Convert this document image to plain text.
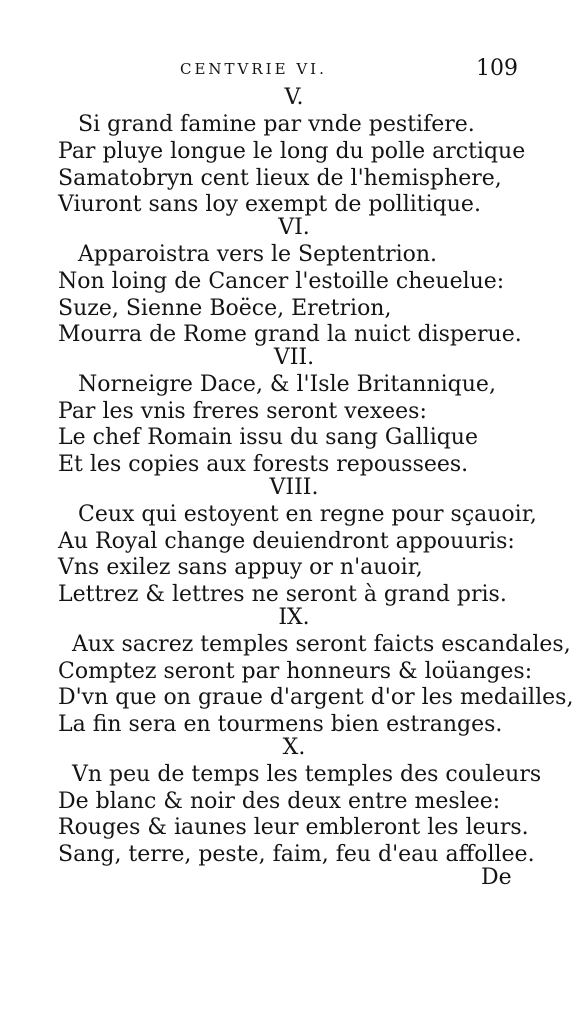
CENTVRIE VI.	109
V.
Si grand famine par vnde pestifere.
Par pluye longue le long du polle arctique
Samatobryn cent lieux de l'hemisphere,
Viuront sans loy exempt de pollitique.
VI.
Apparoistra vers le Septentrion.
Non loing de Cancer l'estoille cheuelue:
Suze, Sienne Boëce, Eretrion,
Mourra de Rome grand la nuict disperue.
VII.
Norneigre Dace, & l'Isle Britannique,
Par les vnis freres seront vexees:
Le chef Romain issu du sang Gallique
Et les copies aux forests repoussees.
VIII.
Ceux qui estoyent en regne pour sçauoir,
Au Royal change deuiendront appouuris:
Vns exilez sans appuy or n'auoir,
Lettrez & lettres ne seront à grand pris.
IX.
Aux sacrez temples seront faicts escandales,
Comptez seront par honneurs & loüanges:
D'vn que on graue d'argent d'or les medailles,
La fin sera en tourmens bien estranges.
X.
Vn peu de temps les temples des couleurs
De blanc & noir des deux entre meslee:
Rouges & iaunes leur embleront les leurs.
Sang, terre, peste, faim, feu d'eau affollee.
De
